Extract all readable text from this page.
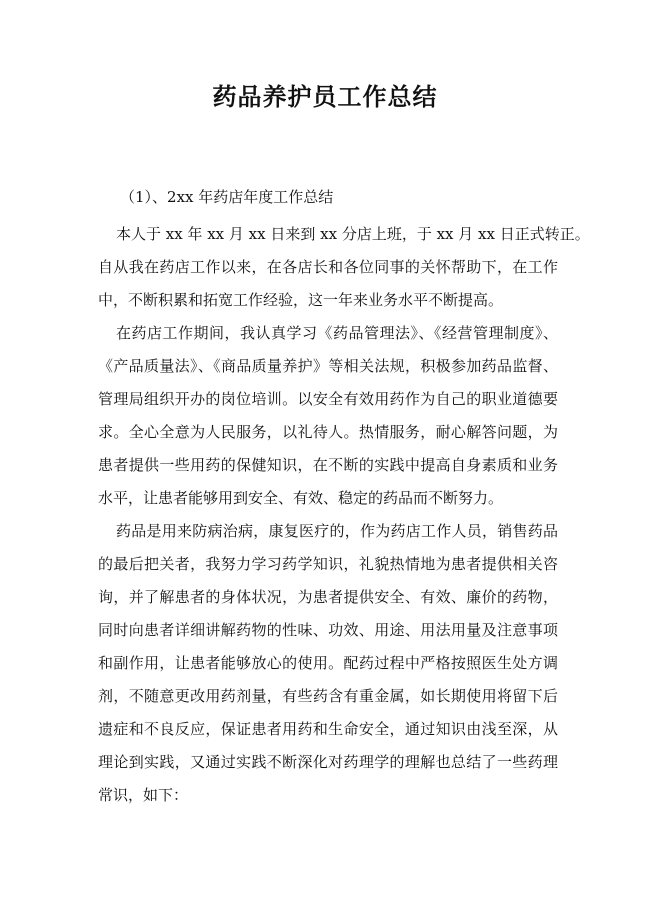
药品养护员工作总结
（1）、2xx 年药店年度工作总结

本人于 xx 年 xx 月 xx 日来到 xx 分店上班，于 xx 月 xx 日正式转正。
自从我在药店工作以来，在各店长和各位同事的关怀帮助下，在工作
中，不断积累和拓宽工作经验，这一年来业务水平不断提高。

在药店工作期间，我认真学习《药品管理法》、《经营管理制度》、
《产品质量法》、《商品质量养护》等相关法规，积极参加药品监督、
管理局组织开办的岗位培训。以安全有效用药作为自己的职业道德要
求。全心全意为人民服务，以礼待人。热情服务，耐心解答问题，为
患者提供一些用药的保健知识，在不断的实践中提高自身素质和业务
水平，让患者能够用到安全、有效、稳定的药品而不断努力。

药品是用来防病治病，康复医疗的，作为药店工作人员，销售药品
的最后把关者，我努力学习药学知识，礼貌热情地为患者提供相关咨
询，并了解患者的身体状况，为患者提供安全、有效、廉价的药物，
同时向患者详细讲解药物的性味、功效、用途、用法用量及注意事项
和副作用，让患者能够放心的使用。配药过程中严格按照医生处方调
剂，不随意更改用药剂量，有些药含有重金属，如长期使用将留下后
遗症和不良反应，保证患者用药和生命安全，通过知识由浅至深，从
理论到实践，又通过实践不断深化对药理学的理解也总结了一些药理
常识，如下：
